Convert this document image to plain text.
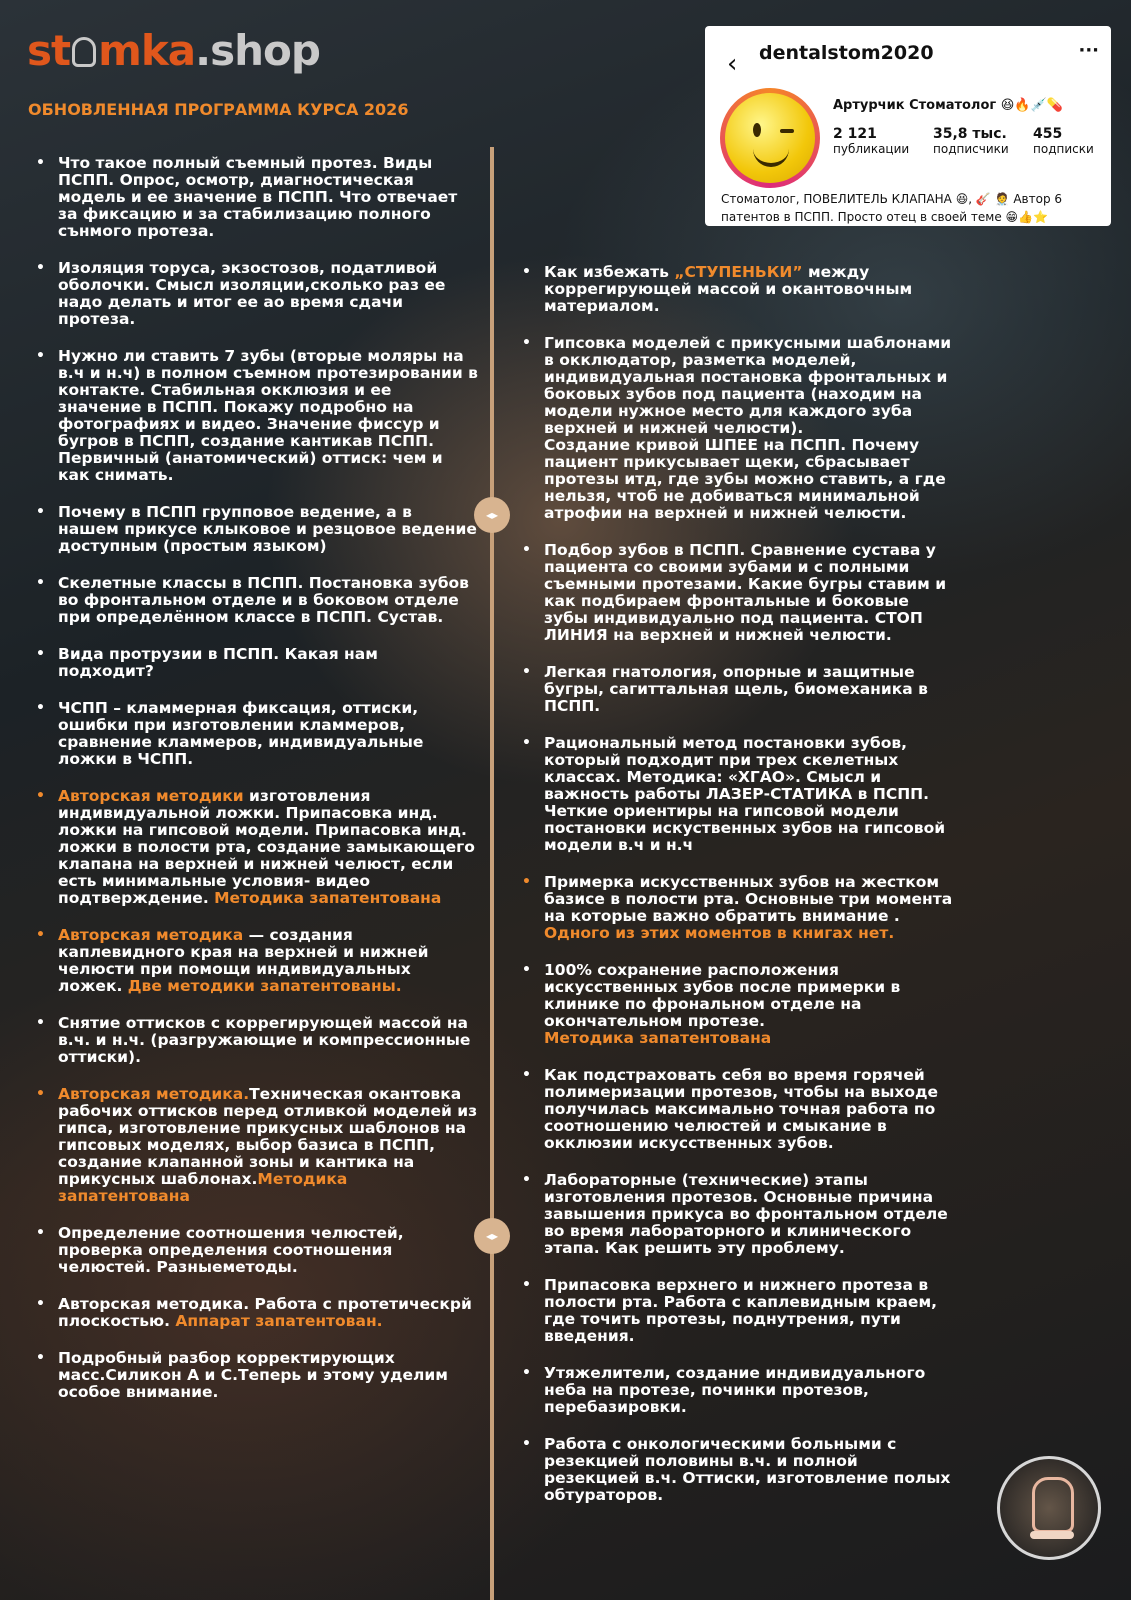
st mka.shop
ОБНОВЛЕННАЯ ПРОГРАММА КУРСА 2026
‹ dentalstom2020	···
Артурчик Стоматолог 😆🔥💉💊
2 121
публикации
35,8 тыс.
подписчики
455
подписки
Стоматолог, ПОВЕЛИТЕЛЬ КЛАПАНА 😆, 🎸 🧑‍⚕️ Автор 6 патентов в ПСПП. Просто отец в своей теме 😁👍⭐
◂▸
◂▸
• Что такое полный съемный протез. Виды ПСПП. Опрос, осмотр, диагностическая модель и ее значение в ПСПП. Что отвечает за фиксацию и за стабилизацию полного сънмого протеза.
• Изоляция торуса, экзостозов, податливой оболочки. Смысл изоляции,сколько раз ее надо делать и итог ее ао время сдачи протеза.
• Нужно ли ставить 7 зубы (вторые моляры на в.ч и н.ч) в полном съемном протезировании в контакте. Стабильная окклюзия и ее значение в ПСПП. Покажу подробно на фотографиях и видео. Значение фиссур и бугров в ПСПП, создание кантикав ПСПП. Первичный (анатомический) оттиск: чем и как снимать.
• Почему в ПСПП групповое ведение, а в нашем прикусе клыковое и резцовое ведение доступным (простым языком)
• Скелетные классы в ПСПП. Постановка зубов во фронтальном отделе и в боковом отделе при определённом классе в ПСПП. Сустав.
• Вида протрузии в ПСПП. Какая нам подходит?
• ЧСПП – кламмерная фиксация, оттиски, ошибки при изготовлении кламмеров, сравнение кламмеров, индивидуальные ложки в ЧСПП.
• Авторская методики изготовления индивидуальной ложки. Припасовка инд. ложки на гипсовой модели. Припасовка инд. ложки в полости рта, создание замыкающего клапана на верхней и нижней челюст, если есть минимальные условия- видео подтверждение. Методика запатентована
• Авторская методика — создания каплевидного края на верхней и нижней челюсти при помощи индивидуальных ложек. Две методики запатентованы.
• Снятие оттисков с коррегирующей массой на в.ч. и н.ч. (разгружающие и компрессионные оттиски).
• Авторская методика.Техническая окантовка рабочих оттисков перед отливкой моделей из гипса, изготовление прикусных шаблонов на гипсовых моделях, выбор базиса в ПСПП, создание клапанной зоны и кантика на прикусных шаблонах.Методика запатентована
• Определение соотношения челюстей, проверка определения соотношения челюстей. Разныеметоды.
• Авторская методика. Работа с протетическрй плоскостью. Аппарат запатентован.
• Подробный разбор корректирующих масс.Силикон А и С.Теперь и этому уделим особое внимание.
• Как избежать „СТУПЕНЬКИ” между коррегирующей массой и окантовочным материалом.
• Гипсовка моделей с прикусными шаблонами в окклюдатор, разметка моделей, индивидуальная постановка фронтальных и боковых зубов под пациента (находим на модели нужное место для каждого зуба верхней и нижней челюсти).
Создание кривой ШПЕЕ на ПСПП. Почему пациент прикусывает щеки, сбрасывает протезы итд, где зубы можно ставить, а где нельзя, чтоб не добиваться минимальной атрофии на верхней и нижней челюсти.
• Подбор зубов в ПСПП. Сравнение сустава у пациента со своими зубами и с полными съемными протезами. Какие бугры ставим и как подбираем фронтальные и боковые зубы индивидуально под пациента. СТОП ЛИНИЯ на верхней и нижней челюсти.
• Легкая гнатология, опорные и защитные бугры, сагиттальная щель, биомеханика в ПСПП.
• Рациональный метод постановки зубов, который подходит при трех скелетных классах. Методика: «ХГАО». Смысл и важность работы ЛАЗЕР-СТАТИКА в ПСПП. Четкие ориентиры на гипсовой модели постановки искуственных зубов на гипсовой модели в.ч и н.ч
• Примерка искусственных зубов на жестком базисе в полости рта. Основные три момента на которые важно обратить внимание . Одного из этих моментов в книгах нет.
• 100% сохранение расположения искусственных зубов после примерки в клинике по фрональном отделе на окончательном протезе.
Методика запатентована
• Как подстраховать себя во время горячей полимеризации протезов, чтобы на выходе получилась максимально точная работа по соотношению челюстей и смыкание в окклюзии искусственных зубов.
• Лабораторные (технические) этапы изготовления протезов. Основные причина завышения прикуса во фронтальном отделе во время лабораторного и клинического этапа. Как решить эту проблему.
• Припасовка верхнего и нижнего протеза в полости рта. Работа с каплевидным краем, где точить протезы, поднутрения, пути введения.
• Утяжелители, создание индивидуального неба на протезе, починки протезов, перебазировки.
• Работа с онкологическими больными с резекцией половины в.ч. и полной резекцией в.ч. Оттиски, изготовление полых обтураторов.
